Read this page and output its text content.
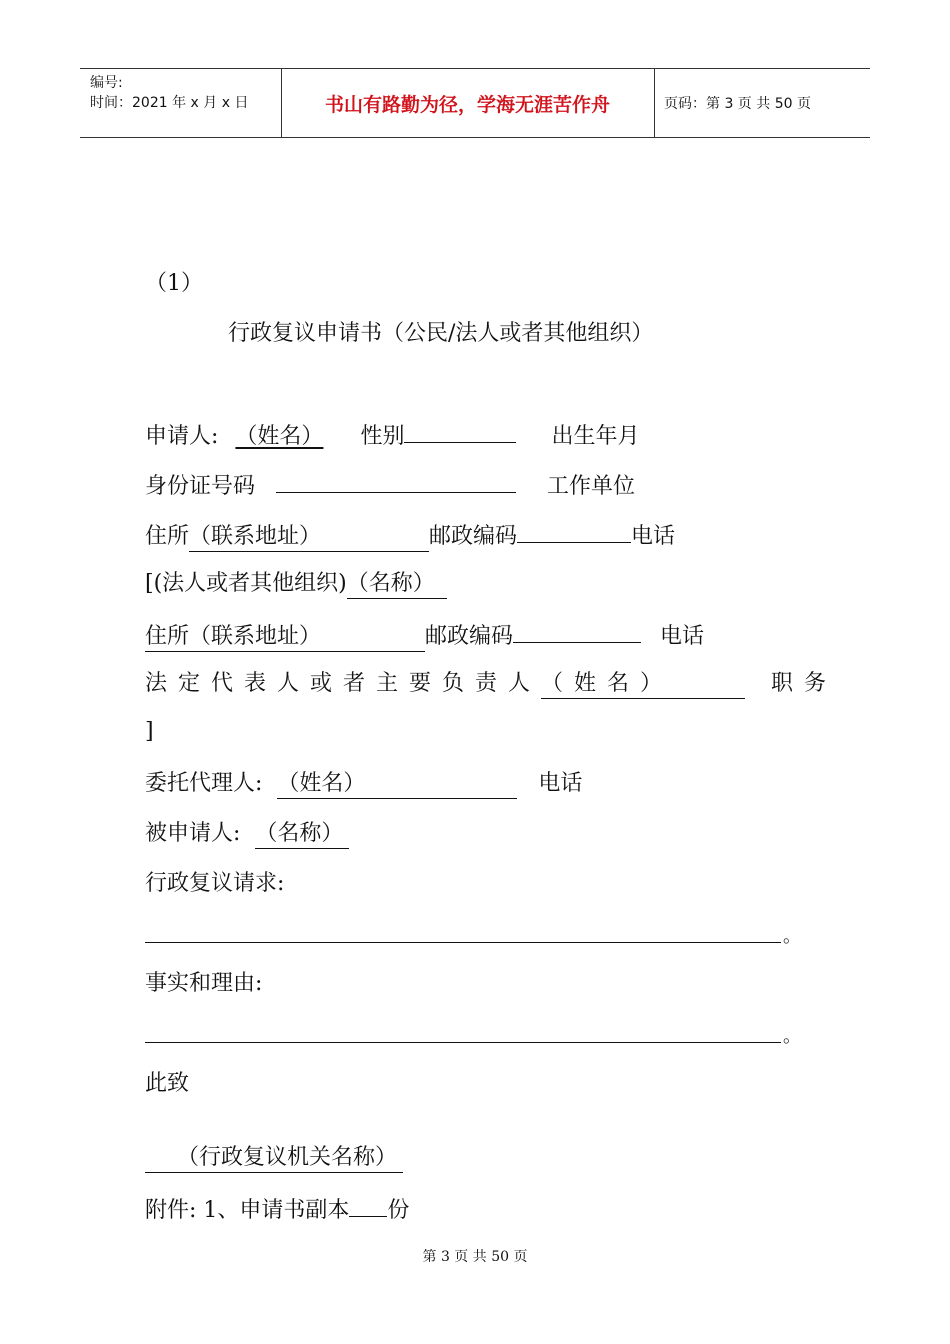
编号:
时间：2021 年 x 月 x 日	书山有路勤为径，学海无涯苦作舟	页码：第 3 页 共 50 页
（1）
行政复议申请书（公民/法人或者其他组织）
申请人: （姓名） 性别	出生年月
身份证号码	工作单位
住所（联系地址）	邮政编码	电话
[(法人或者其他组织)（名称）
住所（联系地址）	邮政编码	电话
法定代表人或者主要负责人（姓名）	职务
]
委托代理人: （姓名）	电话
被申请人: （名称）
行政复议请求:
。
事实和理由:
。
此致
（行政复议机关名称）
附件: 1、申请书副本 份
第 3 页 共 50 页
